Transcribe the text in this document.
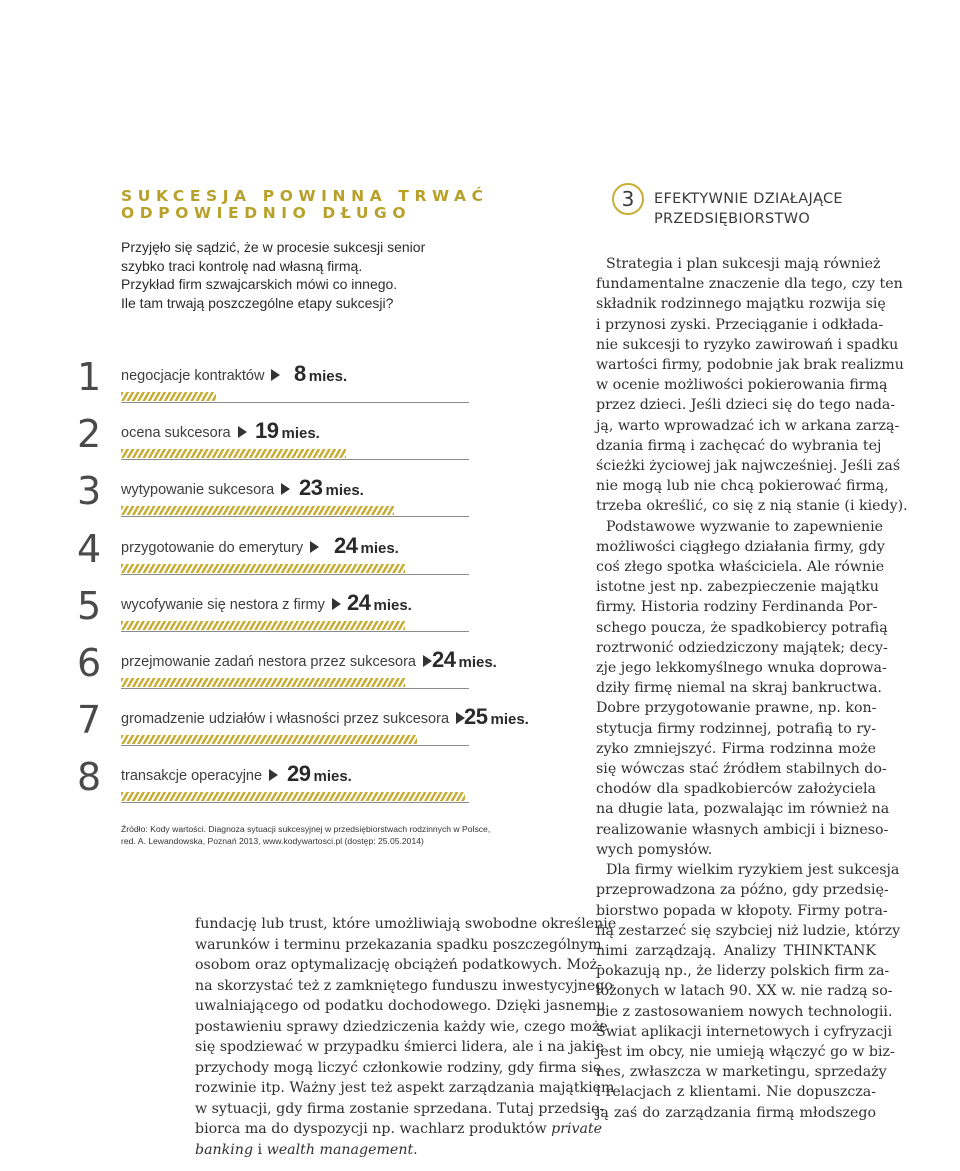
SUKCESJA POWINNA TRWAĆ
ODPOWIEDNIO DŁUGO
Przyjęło się sądzić, że w procesie sukcesji senior
szybko traci kontrolę nad własną firmą.
Przykład firm szwajcarskich mówi co innego.
Ile tam trwają poszczególne etapy sukcesji?
1 negocjacje kontraktów	8 mies.
2 ocena sukcesora	19 mies.
3 wytypowanie sukcesora	23 mies.
4 przygotowanie do emerytury	24 mies.
5 wycofywanie się nestora z firmy	24 mies.
6 przejmowanie zadań nestora przez sukcesora 24 mies.
7 gromadzenie udziałów i własności przez sukcesora 25 mies.
8 transakcje operacyjne	29 mies.
Źródło: Kody wartości. Diagnoza sytuacji sukcesyjnej w przedsiębiorstwach rodzinnych w Polsce,
red. A. Lewandowska, Poznań 2013, www.kodywartosci.pl (dostęp: 25.05.2014)
3	EFEKTYWNIE DZIAŁAJĄCE
PRZEDSIĘBIORSTWO
Strategia i plan sukcesji mają również
fundamentalne znaczenie dla tego, czy ten
składnik rodzinnego majątku rozwija się
i przynosi zyski. Przeciąganie i odkłada-
nie sukcesji to ryzyko zawirowań i spadku
wartości firmy, podobnie jak brak realizmu
w ocenie możliwości pokierowania firmą
przez dzieci. Jeśli dzieci się do tego nada-
ją, warto wprowadzać ich w arkana zarzą-
dzania firmą i zachęcać do wybrania tej
ścieżki życiowej jak najwcześniej. Jeśli zaś
nie mogą lub nie chcą pokierować firmą,
trzeba określić, co się z nią stanie (i kiedy).
Podstawowe wyzwanie to zapewnienie
możliwości ciągłego działania firmy, gdy
coś złego spotka właściciela. Ale równie
istotne jest np. zabezpieczenie majątku
firmy. Historia rodziny Ferdinanda Por-
schego poucza, że spadkobiercy potrafią
roztrwonić odziedziczony majątek; decy-
zje jego lekkomyślnego wnuka doprowa-
dziły firmę niemal na skraj bankructwa.
Dobre przygotowanie prawne, np. kon-
stytucja firmy rodzinnej, potrafią to ry-
zyko zmniejszyć. Firma rodzinna może
się wówczas stać źródłem stabilnych do-
chodów dla spadkobierców założyciela
na długie lata, pozwalając im również na
realizowanie własnych ambicji i bizneso-
wych pomysłów.
Dla firmy wielkim ryzykiem jest sukcesja
przeprowadzona za późno, gdy przedsię-
biorstwo popada w kłopoty. Firmy potra-
fią zestarzeć się szybciej niż ludzie, którzy
nimi zarządzają. Analizy THINKTANK
pokazują np., że liderzy polskich firm za-
łożonych w latach 90. XX w. nie radzą so-
bie z zastosowaniem nowych technologii.
Świat aplikacji internetowych i cyfryzacji
jest im obcy, nie umieją włączyć go w biz-
nes, zwłaszcza w marketingu, sprzedaży
i relacjach z klientami. Nie dopuszcza-
ją zaś do zarządzania firmą młodszego
fundację lub trust, które umożliwiają swobodne określenie
warunków i terminu przekazania spadku poszczególnym
osobom oraz optymalizację obciążeń podatkowych. Moż-
na skorzystać też z zamkniętego funduszu inwestycyjnego
uwalniającego od podatku dochodowego. Dzięki jasnemu
postawieniu sprawy dziedziczenia każdy wie, czego może
się spodziewać w przypadku śmierci lidera, ale i na jakie
przychody mogą liczyć członkowie rodziny, gdy firma się
rozwinie itp. Ważny jest też aspekt zarządzania majątkiem
w sytuacji, gdy firma zostanie sprzedana. Tutaj przedsię-
biorca ma do dyspozycji np. wachlarz produktów private
banking i wealth management.
